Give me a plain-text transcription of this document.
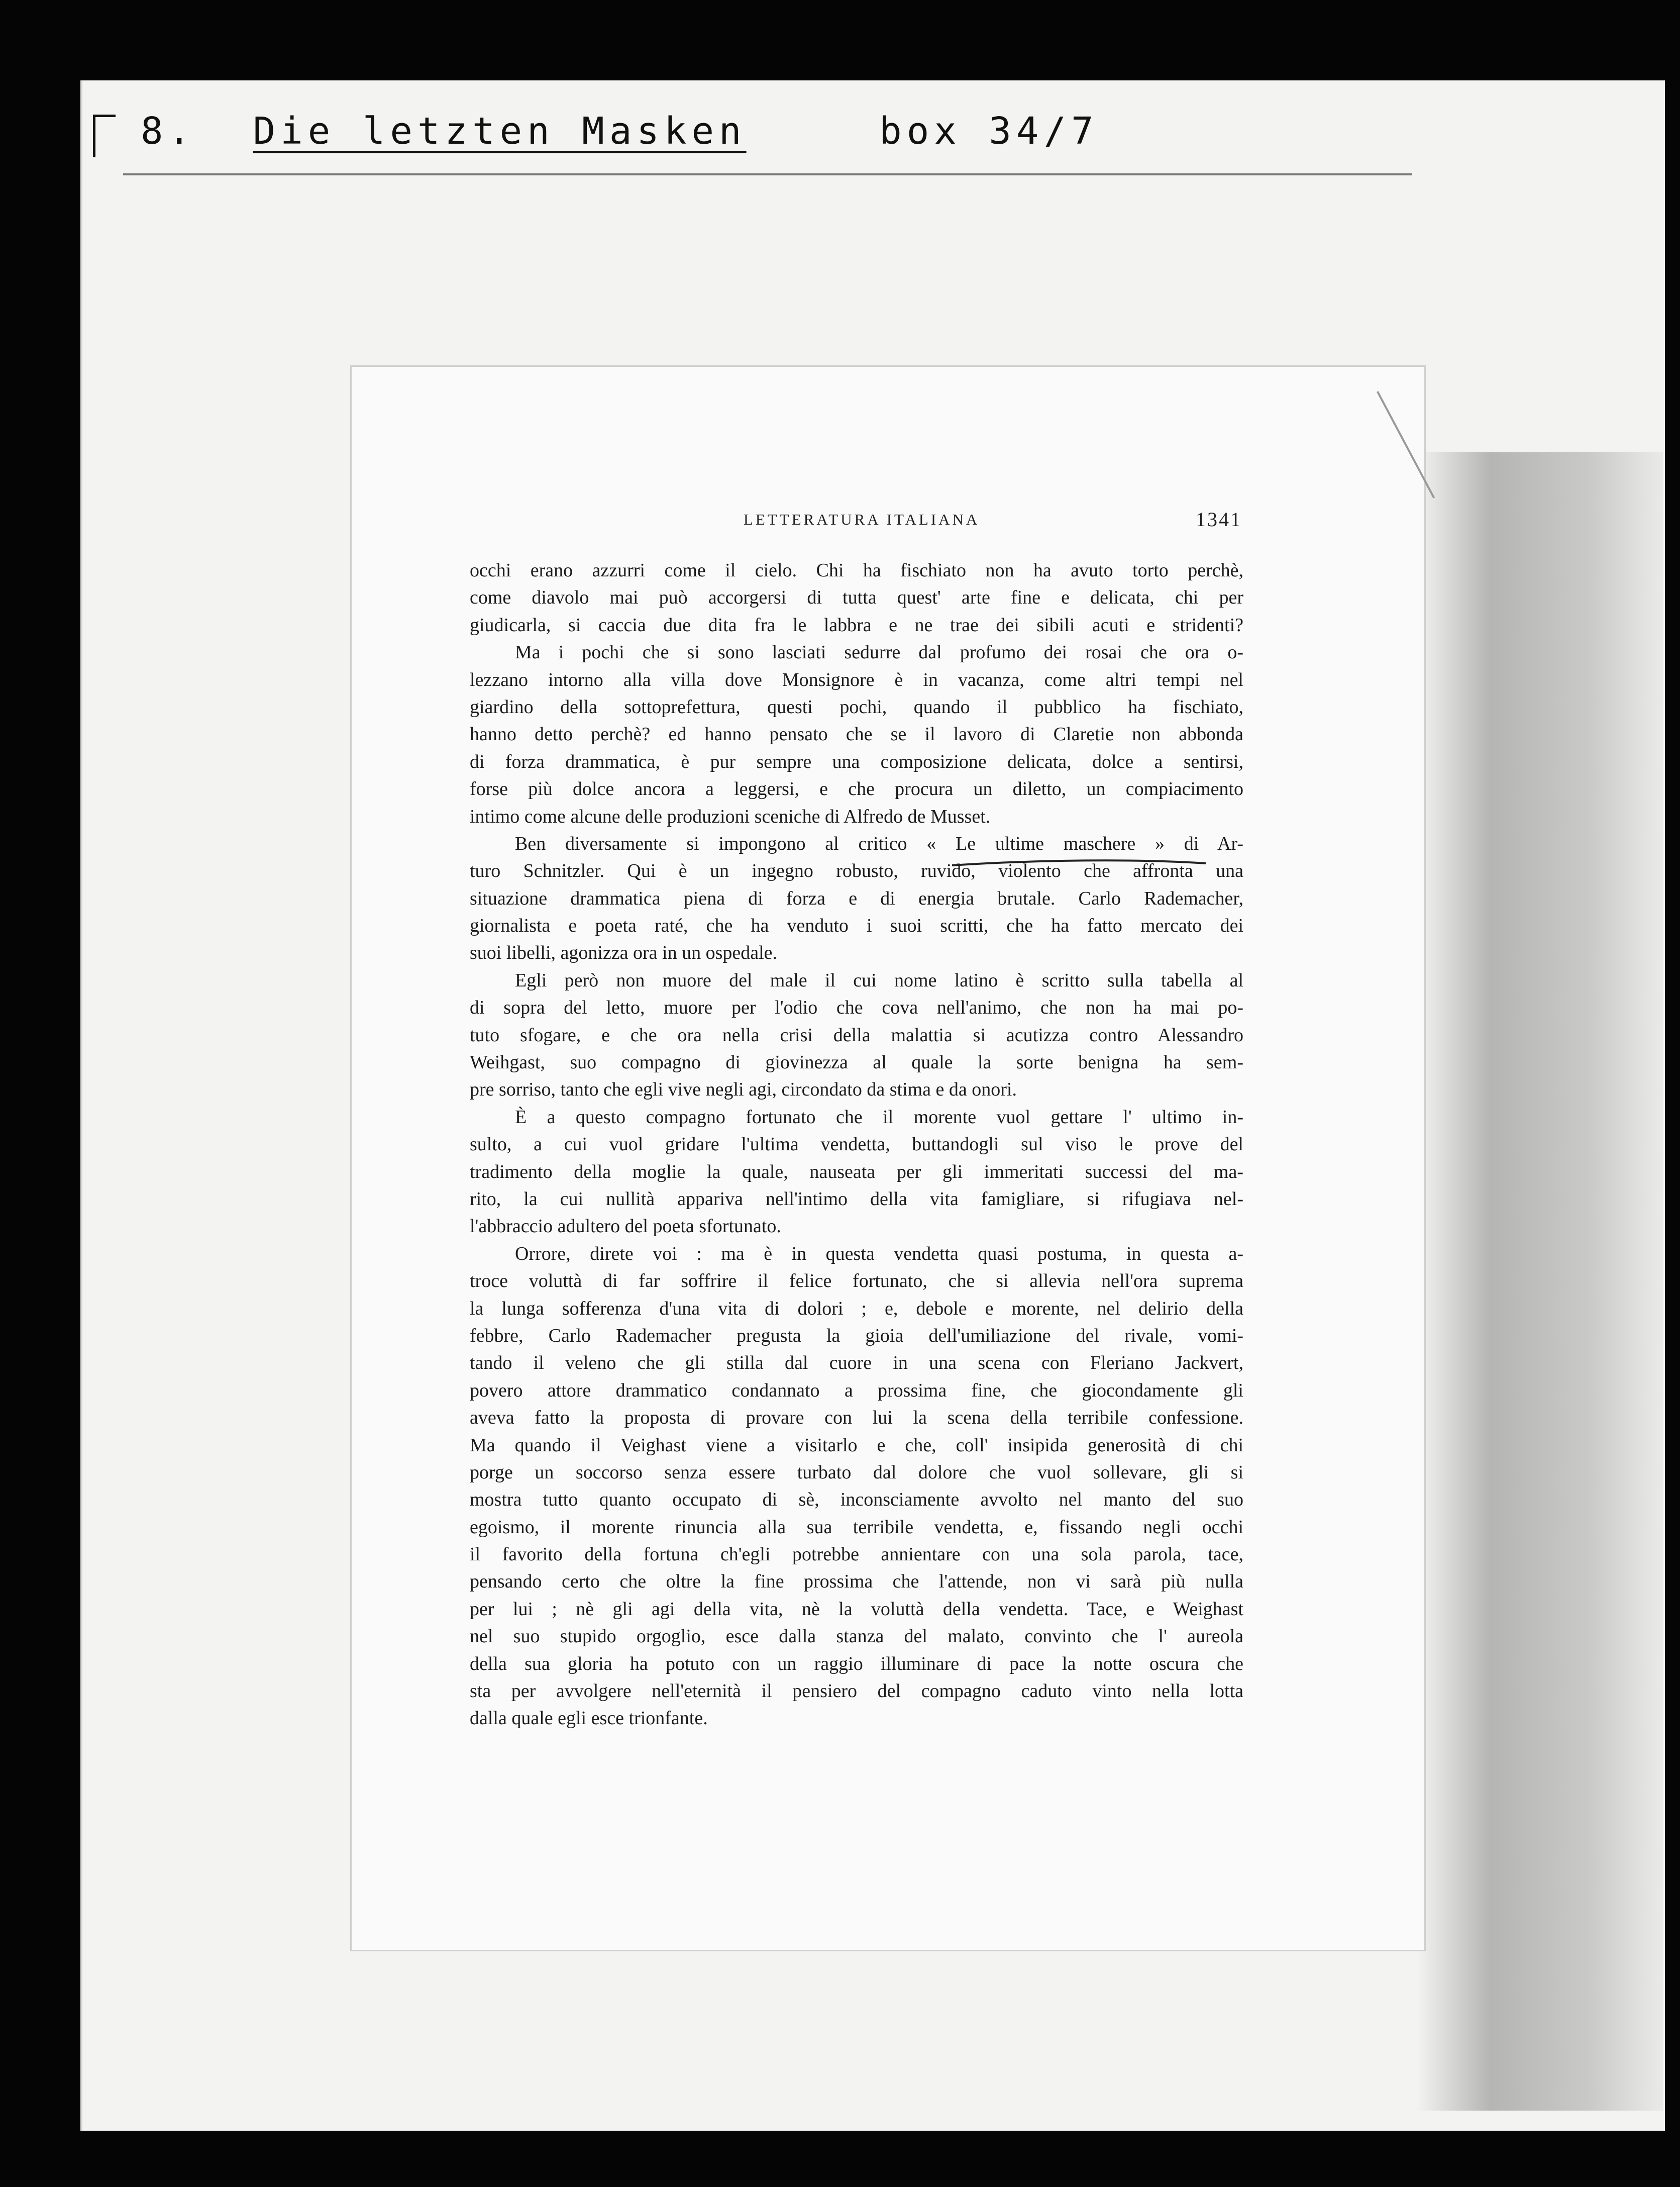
8. Die letzten Masken	box 34/7
LETTERATURA ITALIANA	1341
occhi erano azzurri come il cielo. Chi ha fischiato non ha avuto torto perchè,
come diavolo mai può accorgersi di tutta quest' arte fine e delicata, chi per
giudicarla, si caccia due dita fra le labbra e ne trae dei sibili acuti e stridenti?
Ma i pochi che si sono lasciati sedurre dal profumo dei rosai che ora o-
lezzano intorno alla villa dove Monsignore è in vacanza, come altri tempi nel
giardino della sottoprefettura, questi pochi, quando il pubblico ha fischiato,
hanno detto perchè? ed hanno pensato che se il lavoro di Claretie non abbonda
di forza drammatica, è pur sempre una composizione delicata, dolce a sentirsi,
forse più dolce ancora a leggersi, e che procura un diletto, un compiacimento
intimo come alcune delle produzioni sceniche di Alfredo de Musset.
Ben diversamente si impongono al critico « Le ultime maschere » di Ar-
turo Schnitzler. Qui è un ingegno robusto, ruvido, violento che affronta una
situazione drammatica piena di forza e di energia brutale. Carlo Rademacher,
giornalista e poeta raté, che ha venduto i suoi scritti, che ha fatto mercato dei
suoi libelli, agonizza ora in un ospedale.
Egli però non muore del male il cui nome latino è scritto sulla tabella al
di sopra del letto, muore per l'odio che cova nell'animo, che non ha mai po-
tuto sfogare, e che ora nella crisi della malattia si acutizza contro Alessandro
Weihgast, suo compagno di giovinezza al quale la sorte benigna ha sem-
pre sorriso, tanto che egli vive negli agi, circondato da stima e da onori.
È a questo compagno fortunato che il morente vuol gettare l' ultimo in-
sulto, a cui vuol gridare l'ultima vendetta, buttandogli sul viso le prove del
tradimento della moglie la quale, nauseata per gli immeritati successi del ma-
rito, la cui nullità appariva nell'intimo della vita famigliare, si rifugiava nel-
l'abbraccio adultero del poeta sfortunato.
Orrore, direte voi : ma è in questa vendetta quasi postuma, in questa a-
troce voluttà di far soffrire il felice fortunato, che si allevia nell'ora suprema
la lunga sofferenza d'una vita di dolori ; e, debole e morente, nel delirio della
febbre, Carlo Rademacher pregusta la gioia dell'umiliazione del rivale, vomi-
tando il veleno che gli stilla dal cuore in una scena con Fleriano Jackvert,
povero attore drammatico condannato a prossima fine, che giocondamente gli
aveva fatto la proposta di provare con lui la scena della terribile confessione.
Ma quando il Veighast viene a visitarlo e che, coll' insipida generosità di chi
porge un soccorso senza essere turbato dal dolore che vuol sollevare, gli si
mostra tutto quanto occupato di sè, inconsciamente avvolto nel manto del suo
egoismo, il morente rinuncia alla sua terribile vendetta, e, fissando negli occhi
il favorito della fortuna ch'egli potrebbe annientare con una sola parola, tace,
pensando certo che oltre la fine prossima che l'attende, non vi sarà più nulla
per lui ; nè gli agi della vita, nè la voluttà della vendetta. Tace, e Weighast
nel suo stupido orgoglio, esce dalla stanza del malato, convinto che l' aureola
della sua gloria ha potuto con un raggio illuminare di pace la notte oscura che
sta per avvolgere nell'eternità il pensiero del compagno caduto vinto nella lotta
dalla quale egli esce trionfante.
